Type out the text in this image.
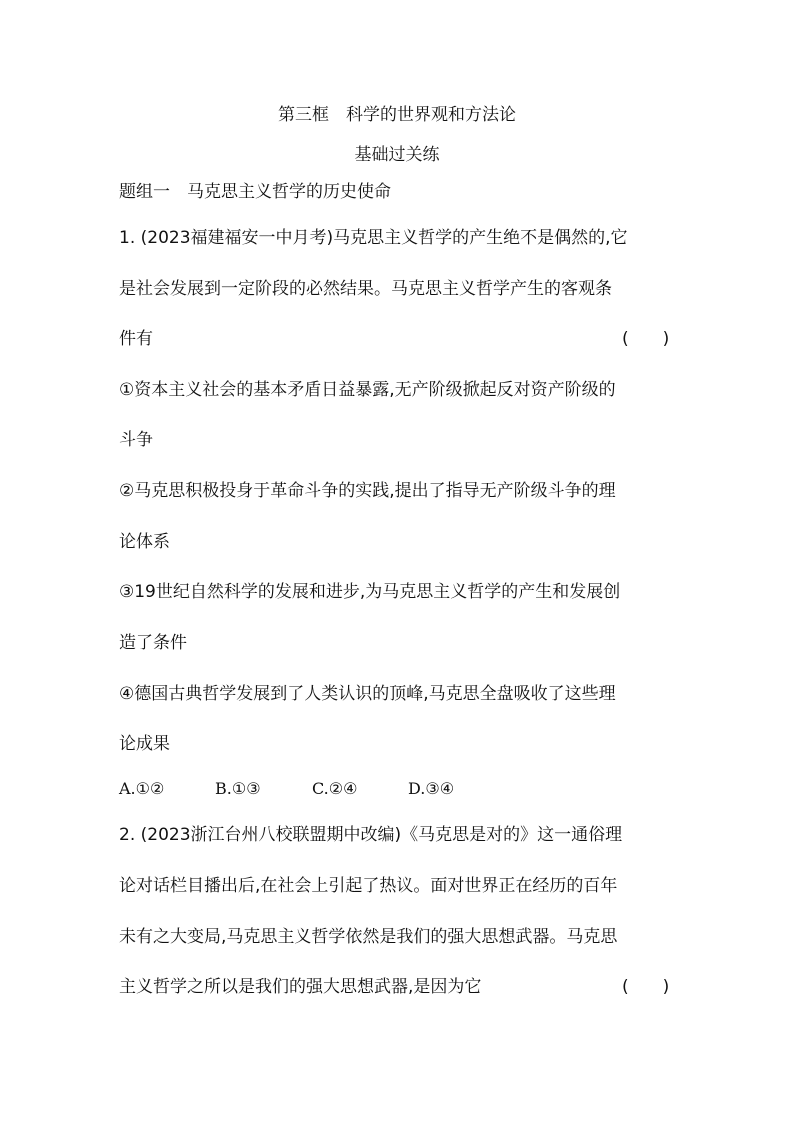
第三框　科学的世界观和方法论
基础过关练
题组一　马克思主义哲学的历史使命
1. (2023福建福安一中月考)马克思主义哲学的产生绝不是偶然的,它
是社会发展到一定阶段的必然结果。马克思主义哲学产生的客观条
件有	(　　)
①资本主义社会的基本矛盾日益暴露,无产阶级掀起反对资产阶级的
斗争
②马克思积极投身于革命斗争的实践,提出了指导无产阶级斗争的理
论体系
③19世纪自然科学的发展和进步,为马克思主义哲学的产生和发展创
造了条件
④德国古典哲学发展到了人类认识的顶峰,马克思全盘吸收了这些理
论成果
A.①②	B.①③	C.②④	D.③④
2. (2023浙江台州八校联盟期中改编)《马克思是对的》这一通俗理
论对话栏目播出后,在社会上引起了热议。面对世界正在经历的百年
未有之大变局,马克思主义哲学依然是我们的强大思想武器。马克思
主义哲学之所以是我们的强大思想武器,是因为它	(　　)
